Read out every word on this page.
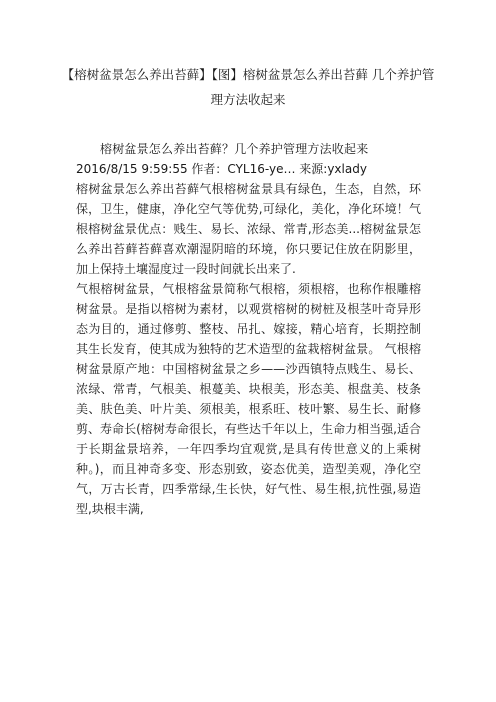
【榕树盆景怎么养出苔藓】【图】榕树盆景怎么养出苔藓 几个养护管理方法收起来

榕树盆景怎么养出苔藓？几个养护管理方法收起来

2016/8/15 9:59:55 作者：CYL16-ye… 来源:yxlady

榕树盆景怎么养出苔藓气根榕树盆景具有绿色，生态，自然，环保，卫生，健康，净化空气等优势,可绿化，美化，净化环境！气根榕树盆景优点：贱生、易长、浓绿、常青,形态美...榕树盆景怎么养出苔藓苔藓喜欢潮湿阴暗的环境，你只要记住放在阴影里，加上保持土壤湿度过一段时间就长出来了.

气根榕树盆景，气根榕盆景简称气根榕，须根榕，也称作根雕榕树盆景。是指以榕树为素材，以观赏榕树的树桩及根茎叶奇异形态为目的，通过修剪、整枝、吊扎、嫁接，精心培育，长期控制其生长发育，使其成为独特的艺术造型的盆栽榕树盆景。 气根榕树盆景原产地：中国榕树盆景之乡——沙西镇特点贱生、易长、浓绿、常青，气根美、根蔓美、块根美，形态美、根盘美、枝条美、肤色美、叶片美、须根美，根系旺、枝叶繁、易生长、耐修剪、寿命长(榕树寿命很长，有些达千年以上，生命力相当强,适合于长期盆景培养，一年四季均宜观赏,是具有传世意义的上乘树种。)，而且神奇多变、形态别致，姿态优美，造型美观，净化空气，万古长青，四季常绿,生长快，好气性、易生根,抗性强,易造型,块根丰满,
